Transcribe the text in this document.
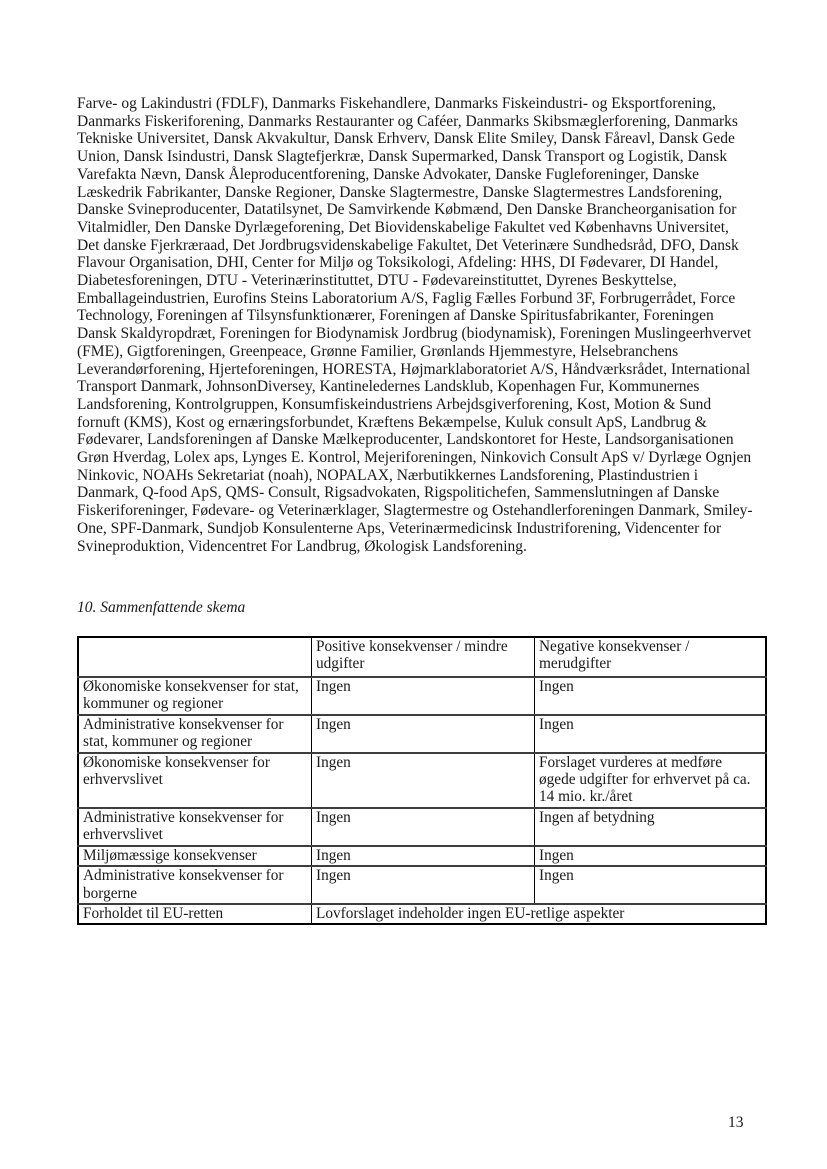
Farve- og Lakindustri (FDLF), Danmarks Fiskehandlere, Danmarks Fiskeindustri- og Eksportforening, Danmarks Fiskeriforening, Danmarks Restauranter og Caféer, Danmarks Skibsmæglerforening, Danmarks Tekniske Universitet, Dansk Akvakultur, Dansk Erhverv, Dansk Elite Smiley, Dansk Fåreavl, Dansk Gede Union, Dansk Isindustri, Dansk Slagtefjerkræ, Dansk Supermarked, Dansk Transport og Logistik, Dansk Varefakta Nævn, Dansk Åleproducentforening, Danske Advokater, Danske Fugleforeninger, Danske Læskedrik Fabrikanter, Danske Regioner, Danske Slagtermestre, Danske Slagtermestres Landsforening, Danske Svineproducenter, Datatilsynet, De Samvirkende Købmænd, Den Danske Brancheorganisation for Vitalmidler, Den Danske Dyrlægeforening, Det Biovidenskabelige Fakultet ved Københavns Universitet, Det danske Fjerkræraad, Det Jordbrugsvidenskabelige Fakultet, Det Veterinære Sundhedsråd, DFO, Dansk Flavour Organisation, DHI, Center for Miljø og Toksikologi, Afdeling: HHS, DI Fødevarer, DI Handel, Diabetesforeningen, DTU - Veterinærinstituttet, DTU - Fødevareinstituttet, Dyrenes Beskyttelse, Emballageindustrien, Eurofins Steins Laboratorium A/S, Faglig Fælles Forbund 3F, Forbrugerrådet, Force Technology, Foreningen af Tilsynsfunktionærer, Foreningen af Danske Spiritusfabrikanter, Foreningen Dansk Skaldyropdræt, Foreningen for Biodynamisk Jordbrug (biodynamisk), Foreningen Muslingeerhvervet (FME), Gigtforeningen, Greenpeace, Grønne Familier, Grønlands Hjemmestyre, Helsebranchens Leverandørforening, Hjerteforeningen, HORESTA, Højmarklaboratoriet A/S, Håndværksrådet, International Transport Danmark, JohnsonDiversey, Kantineledernes Landsklub, Kopenhagen Fur, Kommunernes Landsforening, Kontrolgruppen, Konsumfiskeindustriens Arbejdsgiverforening, Kost, Motion & Sund fornuft (KMS), Kost og ernæringsforbundet, Kræftens Bekæmpelse, Kuluk consult ApS, Landbrug & Fødevarer, Landsforeningen af Danske Mælkeproducenter, Landskontoret for Heste, Landsorganisationen Grøn Hverdag, Lolex aps, Lynges E. Kontrol, Mejeriforeningen, Ninkovich Consult ApS v/ Dyrlæge Ognjen Ninkovic, NOAHs Sekretariat (noah), NOPALAX, Nærbutikkernes Landsforening, Plastindustrien i Danmark, Q-food ApS, QMS- Consult, Rigsadvokaten, Rigspolitichefen, Sammenslutningen af Danske Fiskeriforeninger, Fødevare- og Veterinærklager, Slagtermestre og Ostehandlerforeningen Danmark, Smiley-One, SPF-Danmark, Sundjob Konsulenterne Aps, Veterinærmedicinsk Industriforening, Videncenter for Svineproduktion, Videncentret For Landbrug, Økologisk Landsforening.

10. Sammenfattende skema
	Positive konsekvenser / mindre udgifter	Negative konsekvenser / merudgifter
Økonomiske konsekvenser for stat, kommuner og regioner	Ingen	Ingen
Administrative konsekvenser for stat, kommuner og regioner	Ingen	Ingen
Økonomiske konsekvenser for erhvervslivet	Ingen	Forslaget vurderes at medføre øgede udgifter for erhvervet på ca. 14 mio. kr./året
Administrative konsekvenser for erhvervslivet	Ingen	Ingen af betydning
Miljømæssige konsekvenser	Ingen	Ingen
Administrative konsekvenser for borgerne	Ingen	Ingen
Forholdet til EU-retten	Lovforslaget indeholder ingen EU-retlige aspekter	
13
